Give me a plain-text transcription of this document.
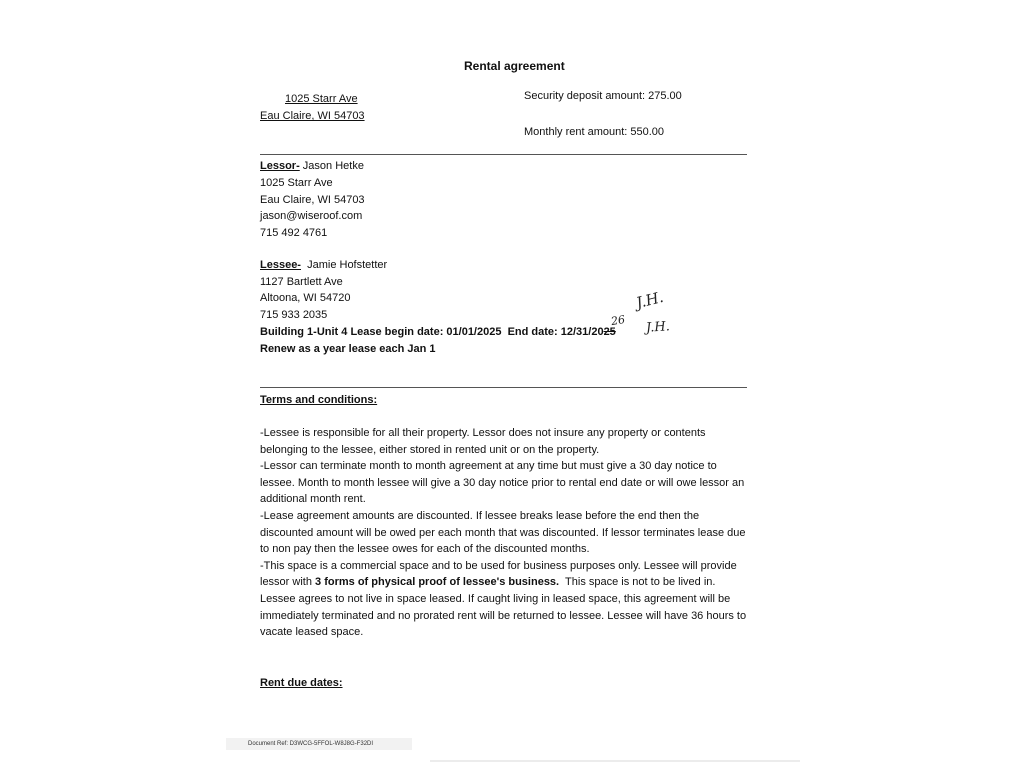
Rental agreement
1025 Starr Ave
Eau Claire, WI 54703
Security deposit amount: 275.00
Monthly rent amount: 550.00
Lessor- Jason Hetke
1025 Starr Ave
Eau Claire, WI 54703
jason@wiseroof.com
715 492 4761
Lessee-  Jamie Hofstetter
1127 Bartlett Ave
Altoona, WI 54720
715 933 2035
Building 1-Unit 4 Lease begin date: 01/01/2025  End date: 12/31/2025
Renew as a year lease each Jan 1
26
J.H.
J.H.
Terms and conditions:
-Lessee is responsible for all their property. Lessor does not insure any property or contents
belonging to the lessee, either stored in rented unit or on the property.
-Lessor can terminate month to month agreement at any time but must give a 30 day notice to
lessee. Month to month lessee will give a 30 day notice prior to rental end date or will owe lessor an
additional month rent.
-Lease agreement amounts are discounted. If lessee breaks lease before the end then the
discounted amount will be owed per each month that was discounted. If lessor terminates lease due
to non pay then the lessee owes for each of the discounted months.
-This space is a commercial space and to be used for business purposes only. Lessee will provide
lessor with 3 forms of physical proof of lessee's business.  This space is not to be lived in.
Lessee agrees to not live in space leased. If caught living in leased space, this agreement will be
immediately terminated and no prorated rent will be returned to lessee. Lessee will have 36 hours to
vacate leased space.
Rent due dates:
Document Ref: D3WCG-5FFOL-W8J8G-F32DI
